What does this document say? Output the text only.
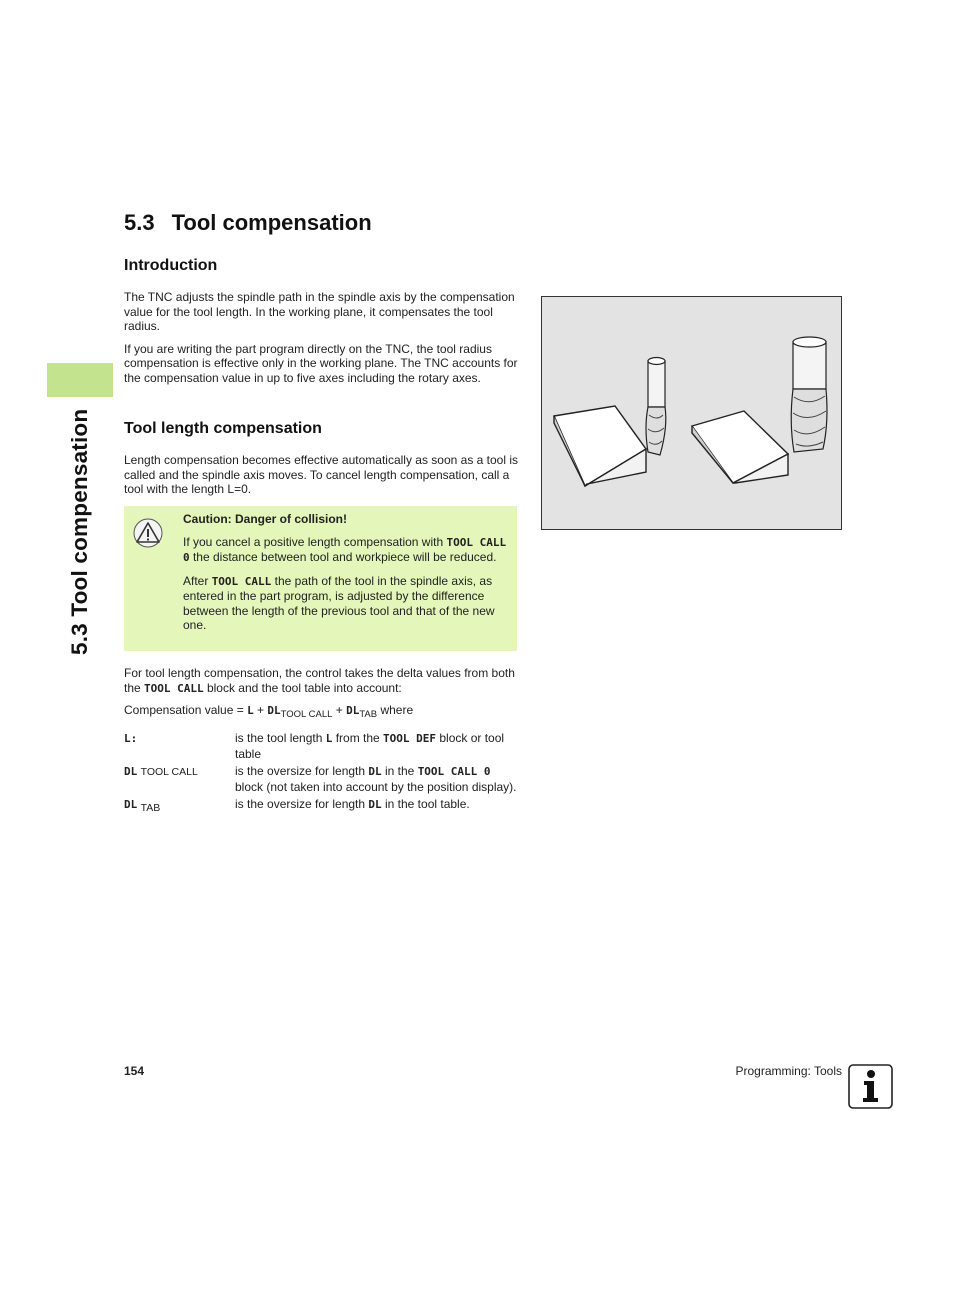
5.3 Tool compensation
5.3 Tool compensation
Introduction

The TNC adjusts the spindle path in the spindle axis by the compensation value for the tool length. In the working plane, it compensates the tool radius.

If you are writing the part program directly on the TNC, the tool radius compensation is effective only in the working plane. The TNC accounts for the compensation value in up to five axes including the rotary axes.

Tool length compensation

Length compensation becomes effective automatically as soon as a tool is called and the spindle axis moves. To cancel length compensation, call a tool with the length L=0.

Caution: Danger of collision!

If you cancel a positive length compensation with TOOL CALL 0 the distance between tool and workpiece will be reduced.

After TOOL CALL the path of the tool in the spindle axis, as entered in the part program, is adjusted by the difference between the length of the previous tool and that of the new one.

For tool length compensation, the control takes the delta values from both the TOOL CALL block and the tool table into account:

Compensation value = $L + DL_{TOOL CALL} + DL_{TAB}$ where

L:	is the tool length L from the TOOL DEF block or tool table
DL TOOL CALL	is the oversize for length DL in the TOOL CALL 0 block (not taken into account by the position display).
DL TAB	is the oversize for length DL in the tool table.
154	Programming: Tools
